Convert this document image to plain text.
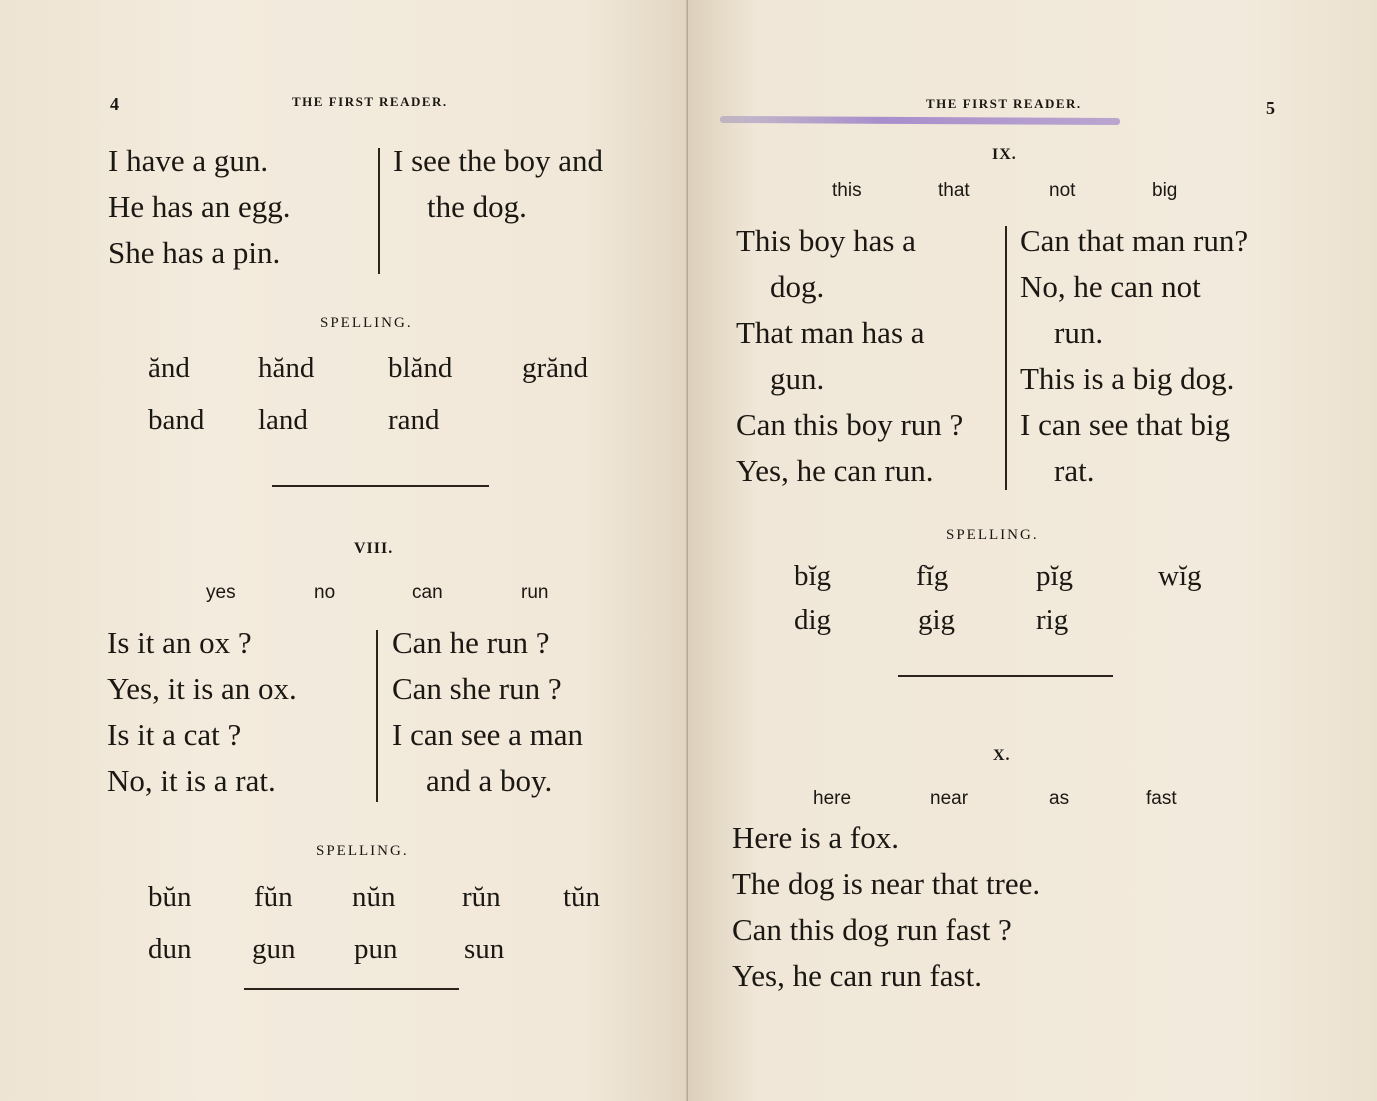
4	THE FIRST READER.
I have a gun.
He has an egg.
She has a pin.
I see the boy and
the dog.
SPELLING.
ănd hănd	blănd grănd
band land	rand
VIII.
yes	no	can	run
Is it an ox ?
Yes, it is an ox.
Is it a cat ?
No, it is a rat.
Can he run ?
Can she run ?
I can see a man
and a boy.
SPELLING.
bŭn fŭn nŭn rŭn tŭn
dun gun pun sun
THE FIRST READER.	5
IX.
this	that	not	big
This boy has a
dog.
That man has a
gun.
Can this boy run ?
Yes, he can run.
Can that man run?
No, he can not
run.
This is a big dog.
I can see that big
rat.
SPELLING.
bĭg	fĭg	pĭg	wĭg
dig	gig	rig
X.
here	near	as	fast
Here is a fox.
The dog is near that tree.
Can this dog run fast ?
Yes, he can run fast.
